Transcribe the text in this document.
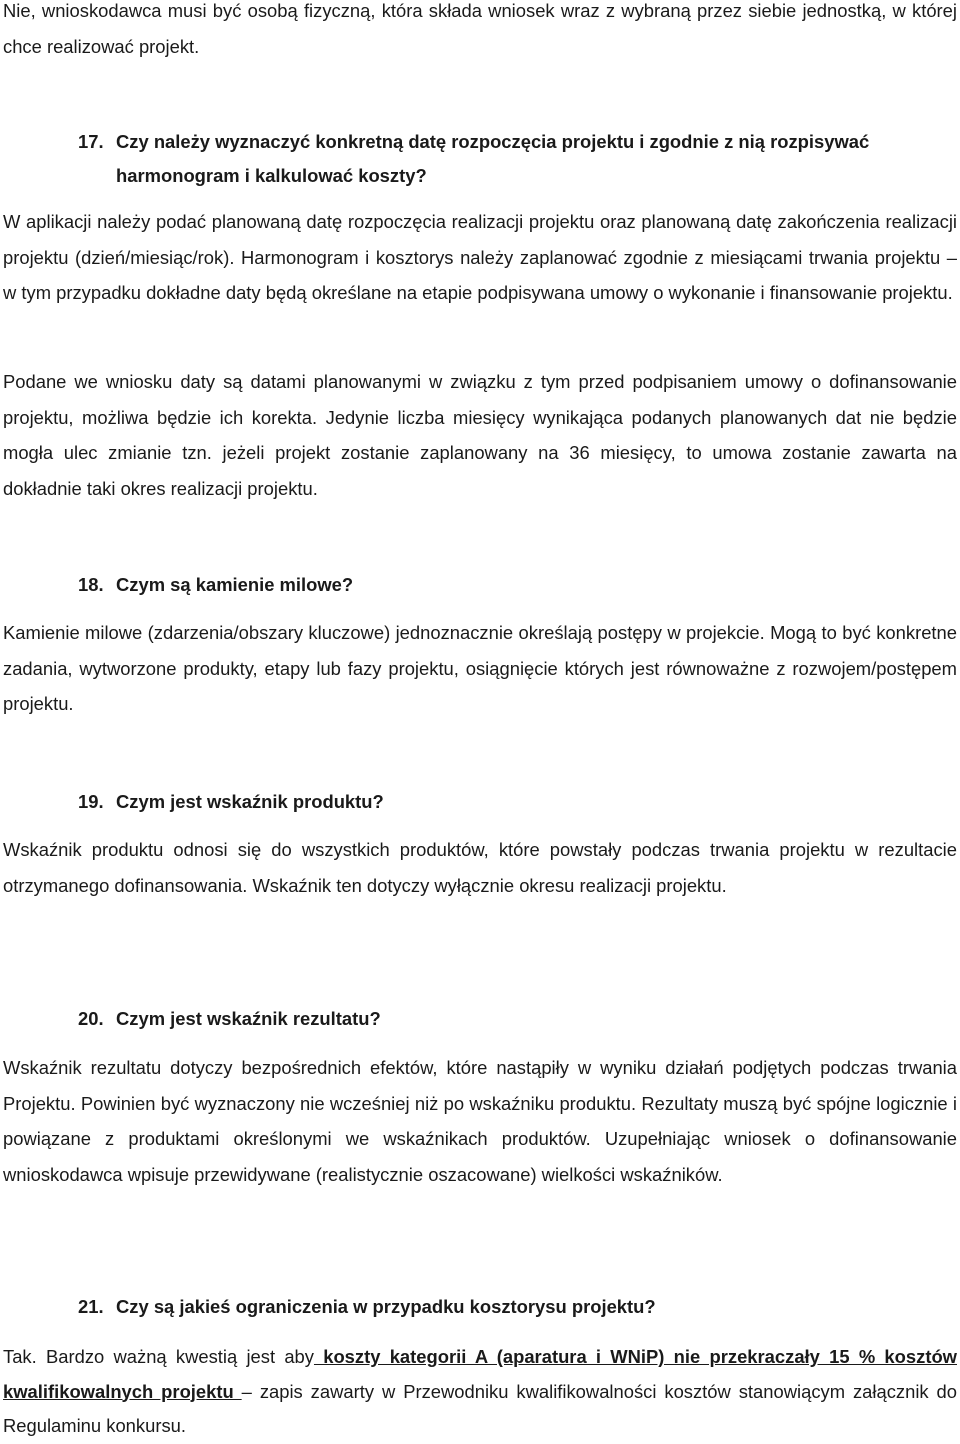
Nie, wnioskodawca musi być osobą fizyczną, która składa wniosek wraz z wybraną przez siebie jednostką, w której chce realizować projekt.

17. Czy należy wyznaczyć konkretną datę rozpoczęcia projektu i zgodnie z nią rozpisywać harmonogram i kalkulować koszty?

W aplikacji należy podać planowaną datę rozpoczęcia realizacji projektu oraz planowaną datę zakończenia realizacji projektu (dzień/miesiąc/rok). Harmonogram i kosztorys należy zaplanować zgodnie z miesiącami trwania projektu – w tym przypadku dokładne daty będą określane na etapie podpisywana umowy o wykonanie i finansowanie projektu.

Podane we wniosku daty są datami planowanymi w związku z tym przed podpisaniem umowy o dofinansowanie projektu, możliwa będzie ich korekta. Jedynie liczba miesięcy wynikająca podanych planowanych dat nie będzie mogła ulec zmianie tzn. jeżeli projekt zostanie zaplanowany na 36 miesięcy, to umowa zostanie zawarta na dokładnie taki okres realizacji projektu.

18. Czym są kamienie milowe?

Kamienie milowe (zdarzenia/obszary kluczowe) jednoznacznie określają postępy w projekcie. Mogą to być konkretne zadania, wytworzone produkty, etapy lub fazy projektu, osiągnięcie których jest równoważne z rozwojem/postępem projektu.

19. Czym jest wskaźnik produktu?

Wskaźnik produktu odnosi się do wszystkich produktów, które powstały podczas trwania projektu w rezultacie otrzymanego dofinansowania. Wskaźnik ten dotyczy wyłącznie okresu realizacji projektu.

20. Czym jest wskaźnik rezultatu?

Wskaźnik rezultatu dotyczy bezpośrednich efektów, które nastąpiły w wyniku działań podjętych podczas trwania Projektu. Powinien być wyznaczony nie wcześniej niż po wskaźniku produktu. Rezultaty muszą być spójne logicznie i powiązane z produktami określonymi we wskaźnikach produktów. Uzupełniając wniosek o dofinansowanie wnioskodawca wpisuje przewidywane (realistycznie oszacowane) wielkości wskaźników.

21. Czy są jakieś ograniczenia w przypadku kosztorysu projektu?

Tak. Bardzo ważną kwestią jest aby koszty kategorii A (aparatura i WNiP) nie przekraczały 15 % kosztów kwalifikowalnych projektu – zapis zawarty w Przewodniku kwalifikowalności kosztów stanowiącym załącznik do Regulaminu konkursu.
